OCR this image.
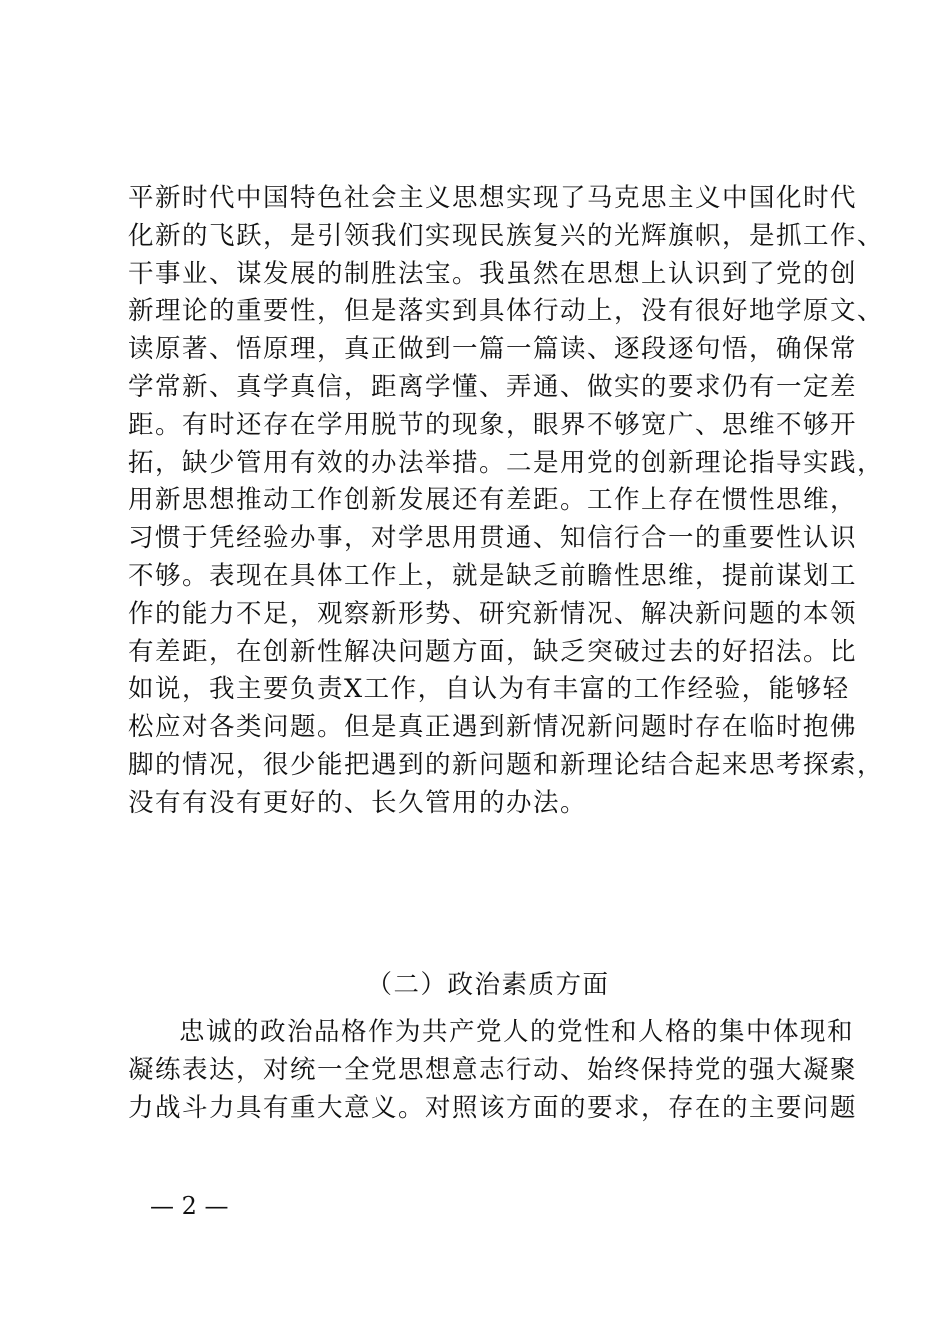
平新时代中国特色社会主义思想实现了马克思主义中国化时代
化新的飞跃，是引领我们实现民族复兴的光辉旗帜，是抓工作、
干事业、谋发展的制胜法宝。我虽然在思想上认识到了党的创
新理论的重要性，但是落实到具体行动上，没有很好地学原文、
读原著、悟原理，真正做到一篇一篇读、逐段逐句悟，确保常
学常新、真学真信，距离学懂、弄通、做实的要求仍有一定差
距。有时还存在学用脱节的现象，眼界不够宽广、思维不够开
拓，缺少管用有效的办法举措。二是用党的创新理论指导实践，
用新思想推动工作创新发展还有差距。工作上存在惯性思维，
习惯于凭经验办事，对学思用贯通、知信行合一的重要性认识
不够。表现在具体工作上，就是缺乏前瞻性思维，提前谋划工
作的能力不足，观察新形势、研究新情况、解决新问题的本领
有差距，在创新性解决问题方面，缺乏突破过去的好招法。比
如说，我主要负责X工作，自认为有丰富的工作经验，能够轻
松应对各类问题。但是真正遇到新情况新问题时存在临时抱佛
脚的情况，很少能把遇到的新问题和新理论结合起来思考探索，
没有有没有更好的、长久管用的办法。
（二）政治素质方面
忠诚的政治品格作为共产党人的党性和人格的集中体现和
凝练表达，对统一全党思想意志行动、始终保持党的强大凝聚
力战斗力具有重大意义。对照该方面的要求，存在的主要问题
— 2 —
